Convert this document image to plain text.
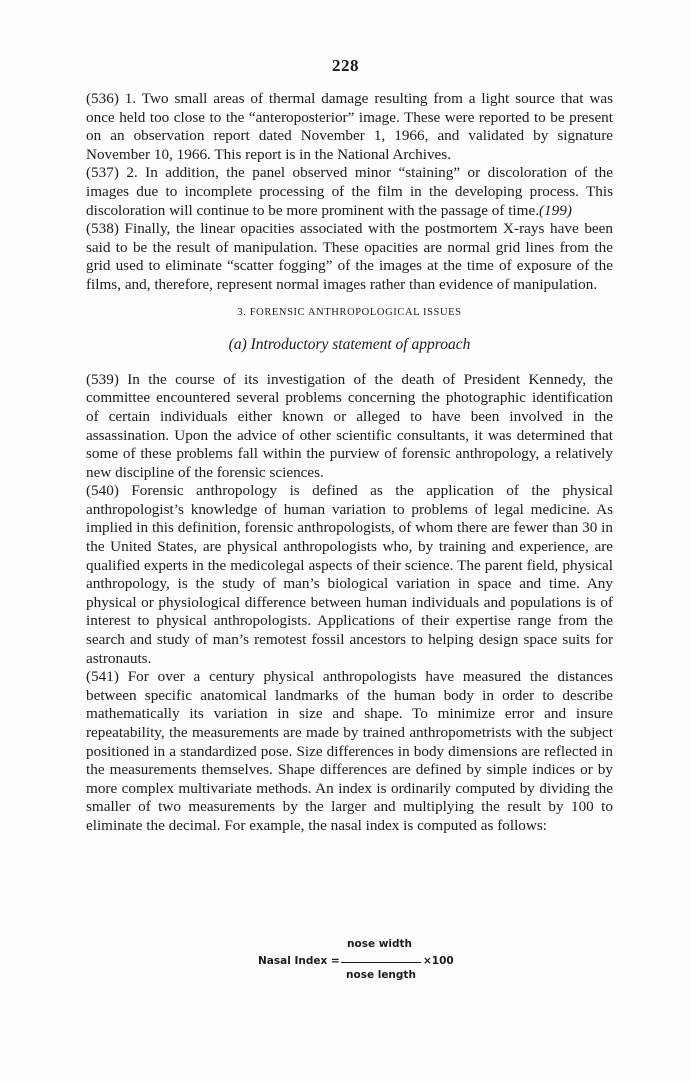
228

(536) 1. Two small areas of thermal damage resulting from a light source that was once held too close to the “anteroposterior” image. These were reported to be present on an observation report dated November 1, 1966, and validated by signature November 10, 1966. This report is in the National Archives.

(537) 2. In addition, the panel observed minor “staining” or discoloration of the images due to incomplete processing of the film in the developing process. This discoloration will continue to be more prominent with the passage of time.(199)

(538) Finally, the linear opacities associated with the postmortem X-rays have been said to be the result of manipulation. These opacities are normal grid lines from the grid used to eliminate “scatter fogging” of the images at the time of exposure of the films, and, therefore, represent normal images rather than evidence of manipulation.

3. FORENSIC ANTHROPOLOGICAL ISSUES

(a) Introductory statement of approach

(539) In the course of its investigation of the death of President Kennedy, the committee encountered several problems concerning the photographic identification of certain individuals either known or alleged to have been involved in the assassination. Upon the advice of other scientific consultants, it was determined that some of these problems fall within the purview of forensic anthropology, a relatively new discipline of the forensic sciences.

(540) Forensic anthropology is defined as the application of the physical anthropologist’s knowledge of human variation to problems of legal medicine. As implied in this definition, forensic anthropologists, of whom there are fewer than 30 in the United States, are physical anthropologists who, by training and experience, are qualified experts in the medicolegal aspects of their science. The parent field, physical anthropology, is the study of man’s biological variation in space and time. Any physical or physiological difference between human individuals and populations is of interest to physical anthropologists. Applications of their expertise range from the search and study of man’s remotest fossil ancestors to helping design space suits for astronauts.

(541) For over a century physical anthropologists have measured the distances between specific anatomical landmarks of the human body in order to describe mathematically its variation in size and shape. To minimize error and insure repeatability, the measurements are made by trained anthropometrists with the subject positioned in a standardized pose. Size differences in body dimensions are reflected in the measurements themselves. Shape differences are defined by simple indices or by more complex multivariate methods. An index is ordinarily computed by dividing the smaller of two measurements by the larger and multiplying the result by 100 to eliminate the decimal. For example, the nasal index is computed as follows:

nose width
Nasal Index =	×100
nose length
